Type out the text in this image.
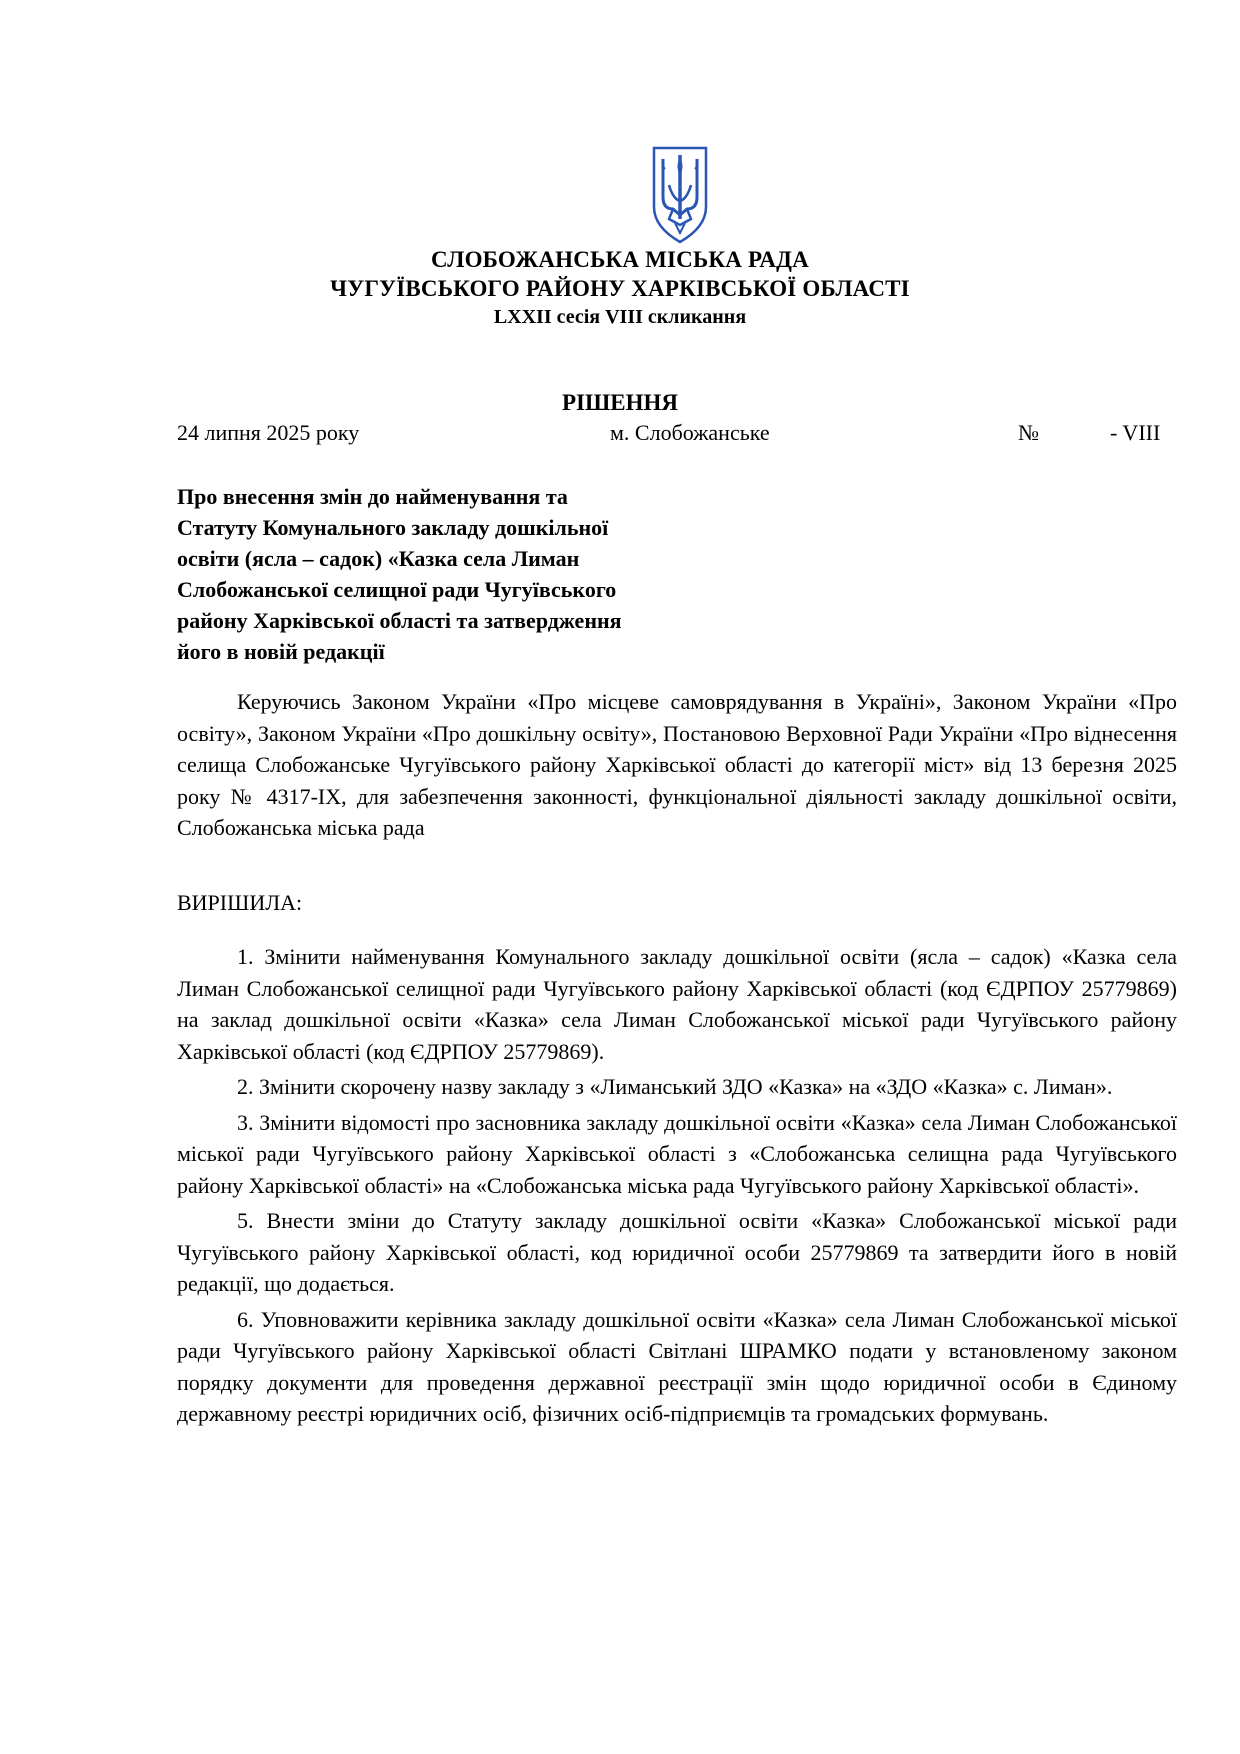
СЛОБОЖАНСЬКА МІСЬКА РАДА
ЧУГУЇВСЬКОГО РАЙОНУ ХАРКІВСЬКОЇ ОБЛАСТІ
LXXII сесія VIII скликання
РІШЕННЯ
24 липня 2025 року	м. Слобожанське	№	- VIII
Про внесення змін до найменування та
Статуту Комунального закладу дошкільної
освіти (ясла – садок) «Казка села Лиман
Слобожанської селищної ради Чугуївського
району Харківської області та затвердження
його в новій редакції

Керуючись Законом України «Про місцеве самоврядування в Україні», Законом України «Про освіту», Законом України «Про дошкільну освіту», Постановою Верховної Ради України «Про віднесення селища Слобожанське Чугуївського району Харківської області до категорії міст» від 13 березня 2025 року № 4317-ІХ, для забезпечення законності, функціональної діяльності закладу дошкільної освіти, Слобожанська міська рада

ВИРІШИЛА:

1. Змінити найменування Комунального закладу дошкільної освіти (ясла – садок) «Казка села Лиман Слобожанської селищної ради Чугуївського району Харківської області (код ЄДРПОУ 25779869) на заклад дошкільної освіти «Казка» села Лиман Слобожанської міської ради Чугуївського району Харківської області (код ЄДРПОУ 25779869).

2. Змінити скорочену назву закладу з «Лиманський ЗДО «Казка» на «ЗДО «Казка» с. Лиман».

3. Змінити відомості про засновника закладу дошкільної освіти «Казка» села Лиман Слобожанської міської ради Чугуївського району Харківської області з «Слобожанська селищна рада Чугуївського району Харківської області» на «Слобожанська міська рада Чугуївського району Харківської області».

5. Внести зміни до Статуту закладу дошкільної освіти «Казка» Слобожанської міської ради Чугуївського району Харківської області, код юридичної особи 25779869 та затвердити його в новій редакції, що додається.

6. Уповноважити керівника закладу дошкільної освіти «Казка» села Лиман Слобожанської міської ради Чугуївського району Харківської області Світлані ШРАМКО подати у встановленому законом порядку документи для проведення державної реєстрації змін щодо юридичної особи в Єдиному державному реєстрі юридичних осіб, фізичних осіб-підприємців та громадських формувань.
